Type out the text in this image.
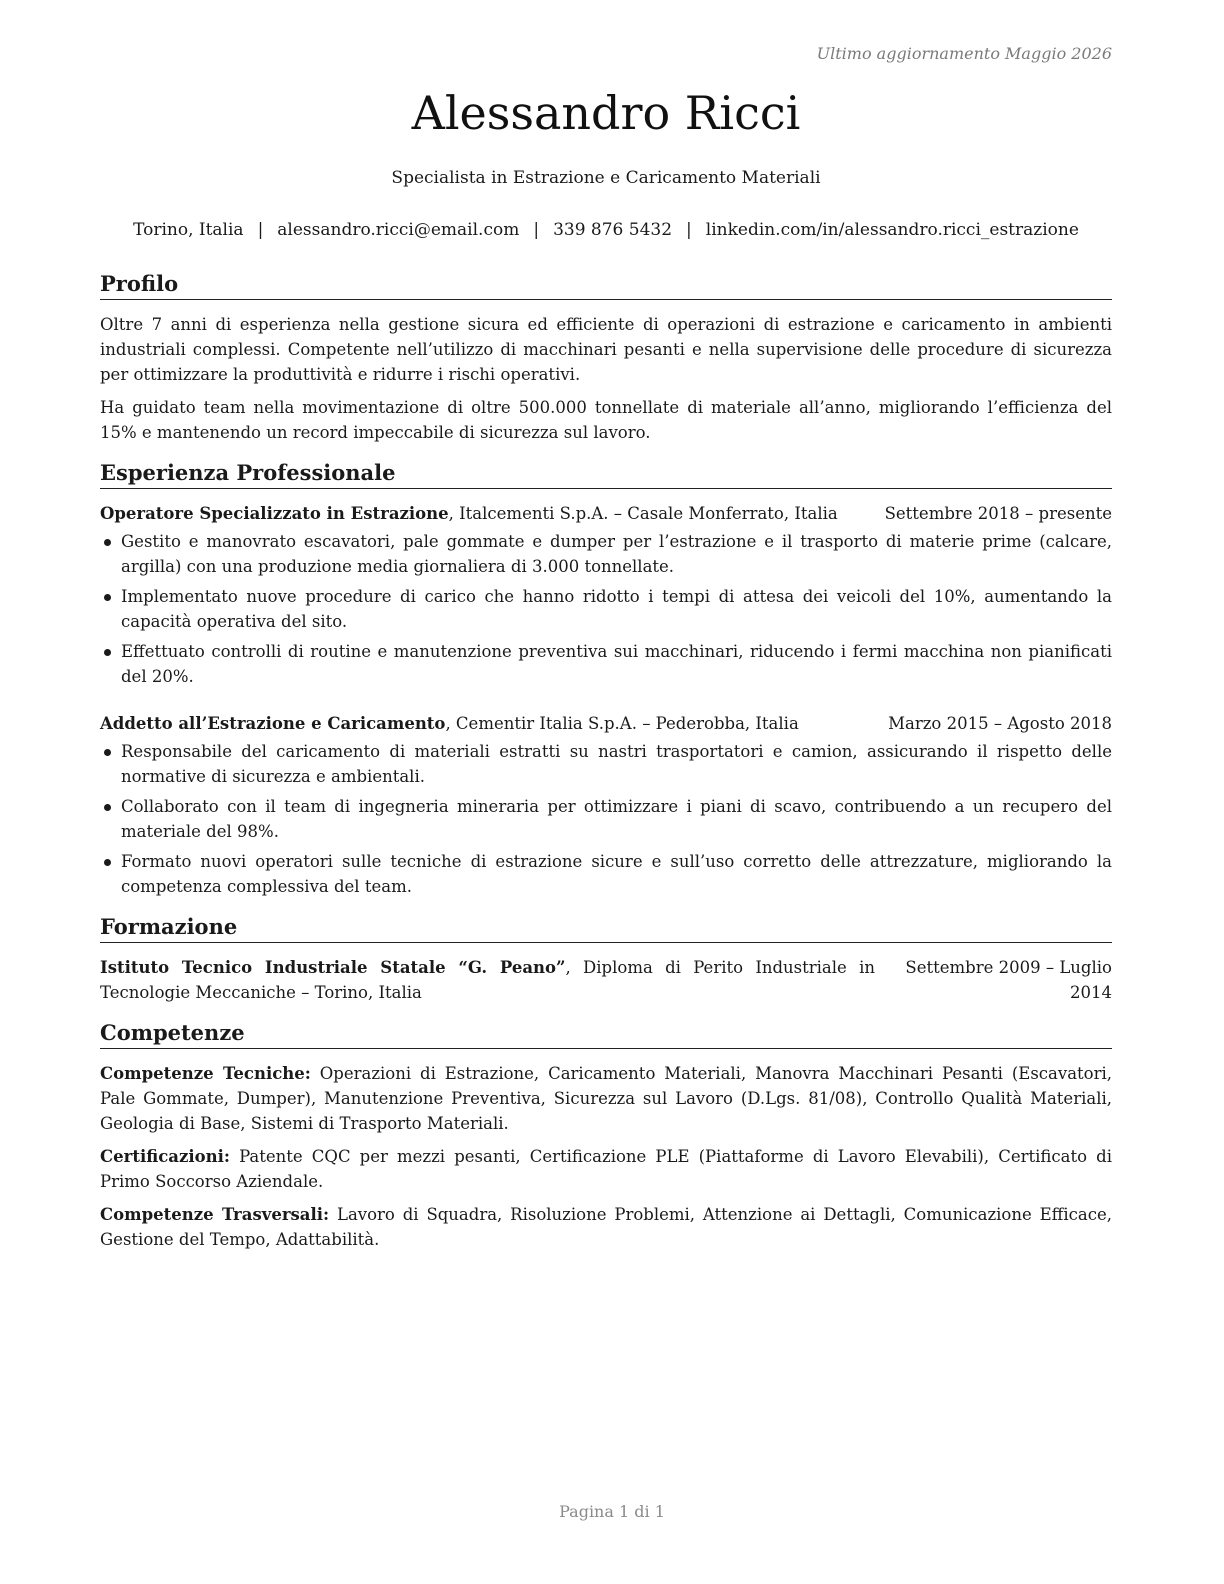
Ultimo aggiornamento Maggio 2026
Alessandro Ricci
Specialista in Estrazione e Caricamento Materiali
Torino, Italia | alessandro.ricci@email.com | 339 876 5432 | linkedin.com/in/alessandro.ricci_estrazione
Profilo

Oltre 7 anni di esperienza nella gestione sicura ed efficiente di operazioni di estrazione e caricamento in ambienti industriali complessi. Competente nell’utilizzo di macchinari pesanti e nella supervisione delle procedure di sicurezza per ottimizzare la produttività e ridurre i rischi operativi.

Ha guidato team nella movimentazione di oltre 500.000 tonnellate di materiale all’anno, migliorando l’efficienza del 15% e mantenendo un record impeccabile di sicurezza sul lavoro.

Esperienza Professionale
Operatore Specializzato in Estrazione, Italcementi S.p.A. – Casale Monferrato, Italia	Settembre 2018 – presente
Gestito e manovrato escavatori, pale gommate e dumper per l’estrazione e il trasporto di materie prime (calcare, argilla) con una produzione media giornaliera di 3.000 tonnellate.
Implementato nuove procedure di carico che hanno ridotto i tempi di attesa dei veicoli del 10%, aumentando la capacità operativa del sito.
Effettuato controlli di routine e manutenzione preventiva sui macchinari, riducendo i fermi macchina non pianificati del 20%.
Addetto all’Estrazione e Caricamento, Cementir Italia S.p.A. – Pederobba, Italia	Marzo 2015 – Agosto 2018
Responsabile del caricamento di materiali estratti su nastri trasportatori e camion, assicurando il rispetto delle normative di sicurezza e ambientali.
Collaborato con il team di ingegneria mineraria per ottimizzare i piani di scavo, contribuendo a un recupero del materiale del 98%.
Formato nuovi operatori sulle tecniche di estrazione sicure e sull’uso corretto delle attrezzature, migliorando la competenza complessiva del team.
Formazione
Istituto Tecnico Industriale Statale “G. Peano”, Diploma di Perito Industriale in Tecnologie Meccaniche – Torino, Italia
Settembre 2009 – Luglio 2014
Competenze

Competenze Tecniche: Operazioni di Estrazione, Caricamento Materiali, Manovra Macchinari Pesanti (Escavatori, Pale Gommate, Dumper), Manutenzione Preventiva, Sicurezza sul Lavoro (D.Lgs. 81/08), Controllo Qualità Materiali, Geologia di Base, Sistemi di Trasporto Materiali.

Certificazioni: Patente CQC per mezzi pesanti, Certificazione PLE (Piattaforme di Lavoro Elevabili), Certificato di Primo Soccorso Aziendale.

Competenze Trasversali: Lavoro di Squadra, Risoluzione Problemi, Attenzione ai Dettagli, Comunicazione Efficace, Gestione del Tempo, Adattabilità.

Pagina 1 di 1
